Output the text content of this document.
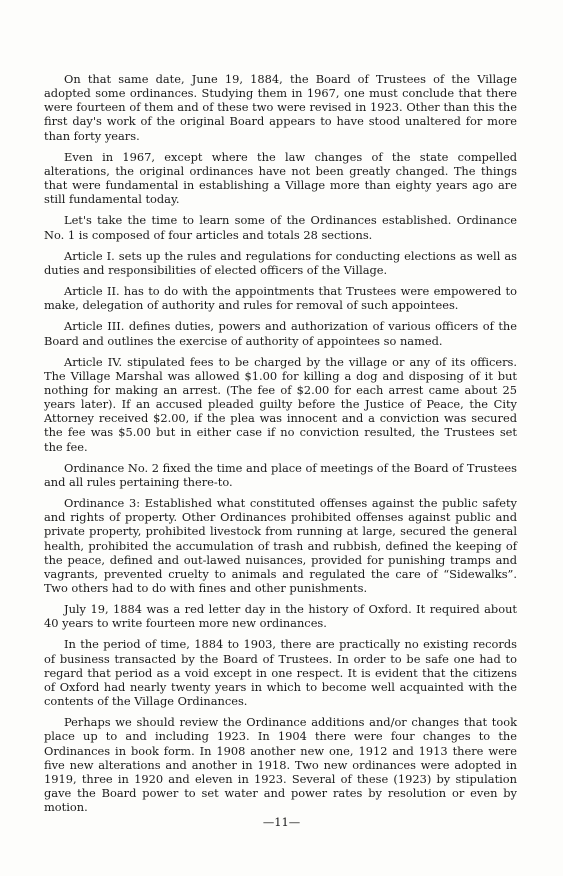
On that same date, June 19, 1884, the Board of Trustees of the Village adopted some ordinances. Studying them in 1967, one must conclude that there were fourteen of them and of these two were revised in 1923. Other than this the first day's work of the original Board appears to have stood unaltered for more than forty years.

Even in 1967, except where the law changes of the state compelled alterations, the original ordinances have not been greatly changed. The things that were fundamental in establishing a Village more than eighty years ago are still fundamental today.

Let's take the time to learn some of the Ordinances established. Ordinance No. 1 is composed of four articles and totals 28 sections.

Article I. sets up the rules and regulations for conducting elections as well as duties and responsibilities of elected officers of the Village.

Article II. has to do with the appointments that Trustees were empowered to make, delegation of authority and rules for removal of such appointees.

Article III. defines duties, powers and authorization of various officers of the Board and outlines the exercise of authority of appointees so named.

Article IV. stipulated fees to be charged by the village or any of its officers. The Village Marshal was allowed $1.00 for killing a dog and disposing of it but nothing for making an arrest. (The fee of $2.00 for each arrest came about 25 years later). If an accused pleaded guilty before the Justice of Peace, the City Attorney received $2.00, if the plea was innocent and a conviction was secured the fee was $5.00 but in either case if no conviction resulted, the Trustees set the fee.

Ordinance No. 2 fixed the time and place of meetings of the Board of Trustees and all rules pertaining there-to.

Ordinance 3: Established what constituted offenses against the public safety and rights of property. Other Ordinances prohibited offenses against public and private property, prohibited livestock from running at large, secured the general health, prohibited the accumulation of trash and rubbish, defined the keeping of the peace, defined and out-lawed nuisances, provided for punishing tramps and vagrants, prevented cruelty to animals and regulated the care of “Sidewalks”. Two others had to do with fines and other punishments.

July 19, 1884 was a red letter day in the history of Oxford. It required about 40 years to write fourteen more new ordinances.

In the period of time, 1884 to 1903, there are practically no existing records of business transacted by the Board of Trustees. In order to be safe one had to regard that period as a void except in one respect. It is evident that the citizens of Oxford had nearly twenty years in which to become well acquainted with the contents of the Village Ordinances.

Perhaps we should review the Ordinance additions and/or changes that took place up to and including 1923. In 1904 there were four changes to the Ordinances in book form. In 1908 another new one, 1912 and 1913 there were five new alterations and another in 1918. Two new ordinances were adopted in 1919, three in 1920 and eleven in 1923. Several of these (1923) by stipulation gave the Board power to set water and power rates by resolution or even by motion.

—11—
